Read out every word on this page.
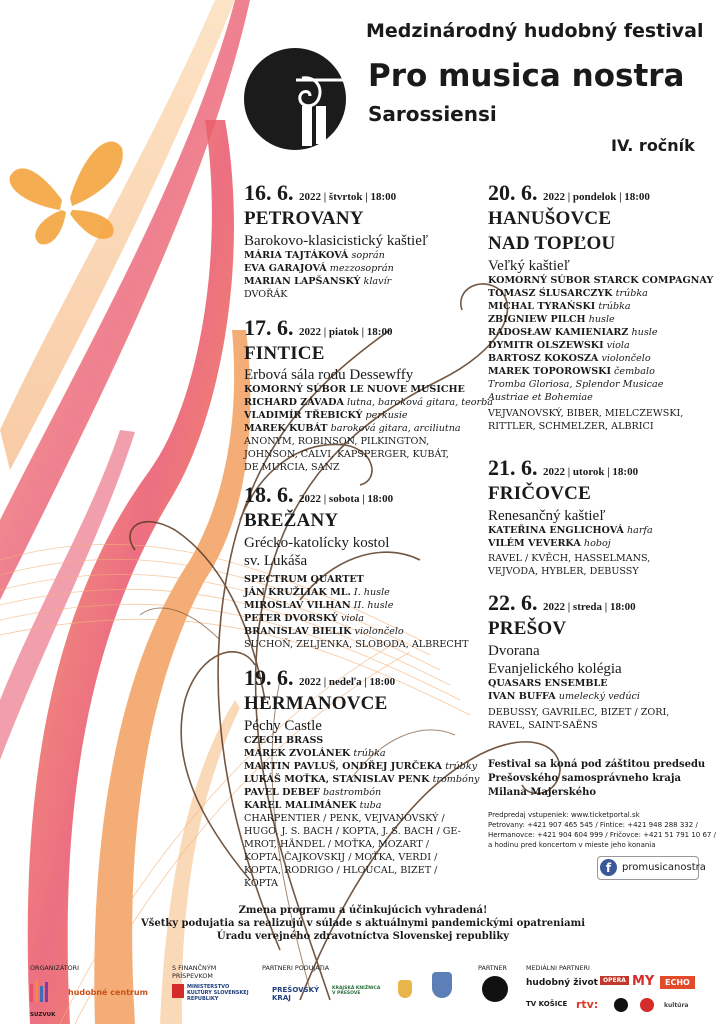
Medzinárodný hudobný festival
Pro musica nostra
Sarossiensi
IV. ročník
16. 6. 2022 | štvrtok | 18:00
PETROVANY
Barokovo-klasicistický kaštieľ
MÁRIA TAJTÁKOVÁ soprán
EVA GARAJOVÁ mezzosoprán
MARIAN LAPŠANSKÝ klavír
DVOŘÁK
17. 6. 2022 | piatok | 18:00
FINTICE
Erbová sála rodu Dessewffy
KOMORNÝ SÚBOR LE NUOVE MUSICHE
RICHARD ZÁVADA lutna, baroková gitara, teorba
VLADIMÍR TŘEBICKÝ perkusie
MAREK KUBÁT baroková gitara, arciliutna
ANONYM, ROBINSON, PILKINGTON, JOHNSON, CALVI, KAPSPERGER, KUBÁT, DE MURCIA, SANZ
18. 6. 2022 | sobota | 18:00
BREŽANY
Grécko-katolícky kostol
sv. Lukáša
SPECTRUM QUARTET
JÁN KRUŽLIAK ML. I. husle
MIROSLAV VILHAN II. husle
PETER DVORSKÝ viola
BRANISLAV BIELIK violončelo
SUCHOŇ, ZELJENKA, SLOBODA, ALBRECHT
19. 6. 2022 | nedeľa | 18:00
HERMANOVCE
Péchy Castle
CZECH BRASS
MAREK ZVOLÁNEK trúbka
MARTIN PAVLUŠ, ONDŘEJ JURČEKA trúbky
LUKÁŠ MOŤKA, STANISLAV PENK trombóny
PAVEL DEBEF bastrombón
KAREL MALIMÁNEK tuba
CHARPENTIER / PENK, VEJVANOVSKÝ / HUGO, J. S. BACH / KOPTA, J. S. BACH / GE-MROT, HÄNDEL / MOŤKA, MOZART / KOPTA, ČAJKOVSKIJ / MOŤKA, VERDI / KOPTA, RODRIGO / HLOUCAL, BIZET / KOPTA
20. 6. 2022 | pondelok | 18:00
HANUŠOVCE
NAD TOPĽOU
Veľký kaštieľ
KOMORNÝ SÚBOR STARCK COMPAGNAY
TOMASZ ŚLUSARCZYK trúbka
MICHAL TYRAŃSKI trúbka
ZBIGNIEW PILCH husle
RADOSŁAW KAMIENIARZ husle
DYMITR OLSZEWSKI viola
BARTOSZ KOKOSZA violončelo
MAREK TOPOROWSKI čembalo
Tromba Gloriosa, Splendor Musicae Austriae et Bohemiae
VEJVANOVSKÝ, BIBER, MIELCZEWSKI, RITTLER, SCHMELZER, ALBRICI
21. 6. 2022 | utorok | 18:00
FRIČOVCE
Renesančný kaštieľ
KATEŘINA ENGLICHOVÁ harfa
VILÉM VEVERKA hoboj
RAVEL / KVĚCH, HASSELMANS, VEJVODA, HYBLER, DEBUSSY
22. 6. 2022 | streda | 18:00
PREŠOV
Dvorana
Evanjelického kolégia
QUASARS ENSEMBLE
IVAN BUFFA umelecký vedúci
DEBUSSY, GAVRILEC, BIZET / ZORI, RAVEL, SAINT-SAËNS
Festival sa koná pod záštitou predsedu Prešovského samosprávneho kraja Milana Majerského
Predpredaj vstupeniek: www.ticketportal.sk
Petrovany: +421 907 465 545 / Fintice: +421 948 288 332 /
Hermanovce: +421 904 604 999 / Fričovce: +421 51 791 10 67 /
a hodinu pred koncertom v mieste jeho konania
f	promusicanostra
Zmena programu a účinkujúcich vyhradená!
Všetky podujatia sa realizujú v súlade s aktuálnymi pandemickými opatreniami
Úradu verejného zdravotníctva Slovenskej republiky
ORGANIZÁTORI	S FINANČNÝM PRÍSPEVKOM
PARTNERI PODUJATIA	PARTNER	MEDIÁLNI PARTNERI
SUZVUK
hudobné centrum
MINISTERSTVO KULTÚRY SLOVENSKEJ REPUBLIKY
PREŠOVSKÝ KRAJ
KRAJSKÁ KNIŽNICA V PREŠOVE
hudobný život OPERA MY	ECHO
TV KOŠICE rtv:	kultúra
